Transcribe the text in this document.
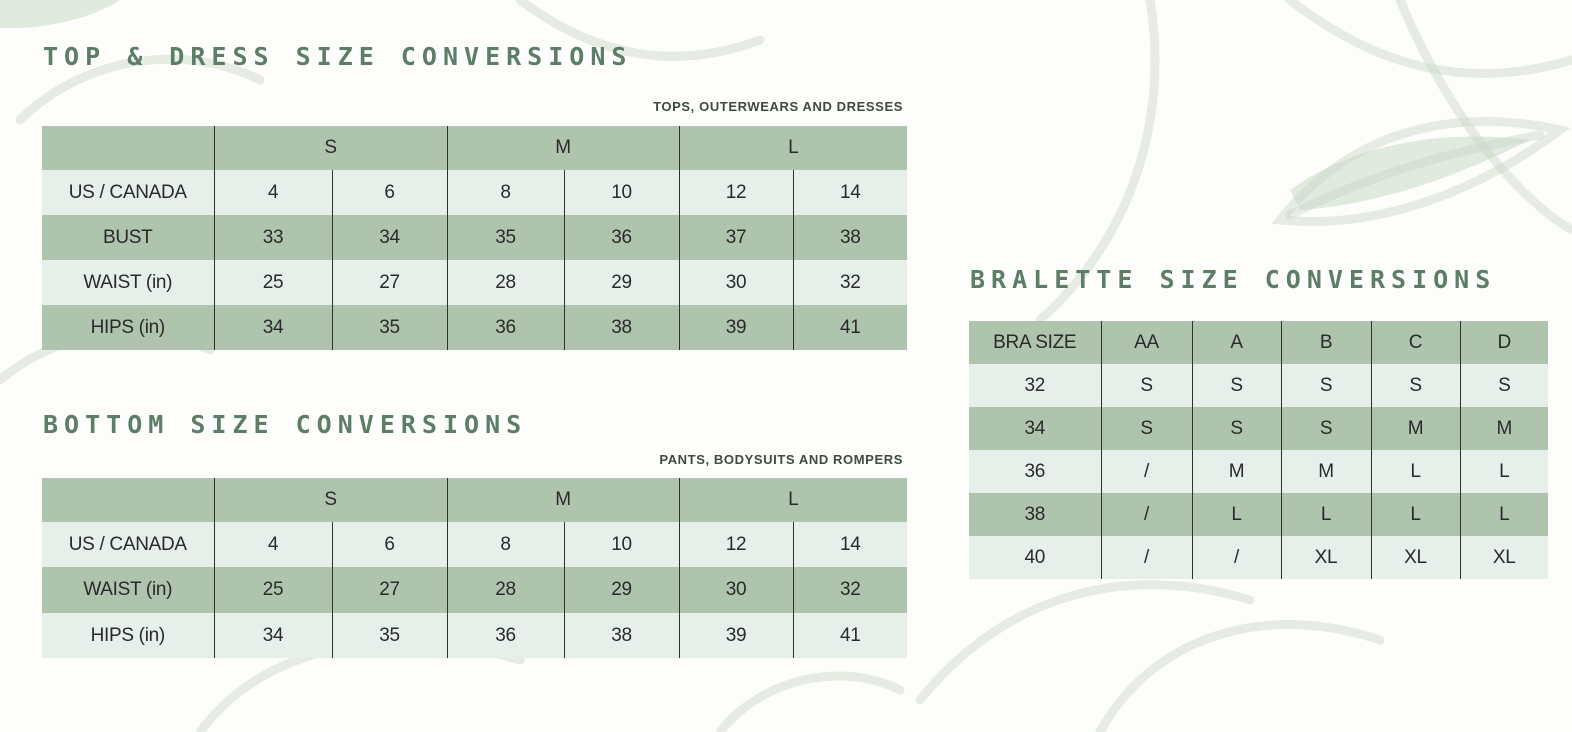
TOP & DRESS SIZE CONVERSIONS
TOPS, OUTERWEARS AND DRESSES
	S		M		L	
US / CANADA	4	6	8	10	12	14
BUST	33	34	35	36	37	38
WAIST (in)	25	27	28	29	30	32
HIPS (in)	34	35	36	38	39	41
BOTTOM SIZE CONVERSIONS
PANTS, BODYSUITS AND ROMPERS
	S		M		L	
US / CANADA	4	6	8	10	12	14
WAIST (in)	25	27	28	29	30	32
HIPS (in)	34	35	36	38	39	41
BRALETTE SIZE CONVERSIONS
BRA SIZE	AA	A	B	C	D
32	S	S	S	S	S
34	S	S	S	M	M
36	/	M	M	L	L
38	/	L	L	L	L
40	/	/	XL	XL	XL
